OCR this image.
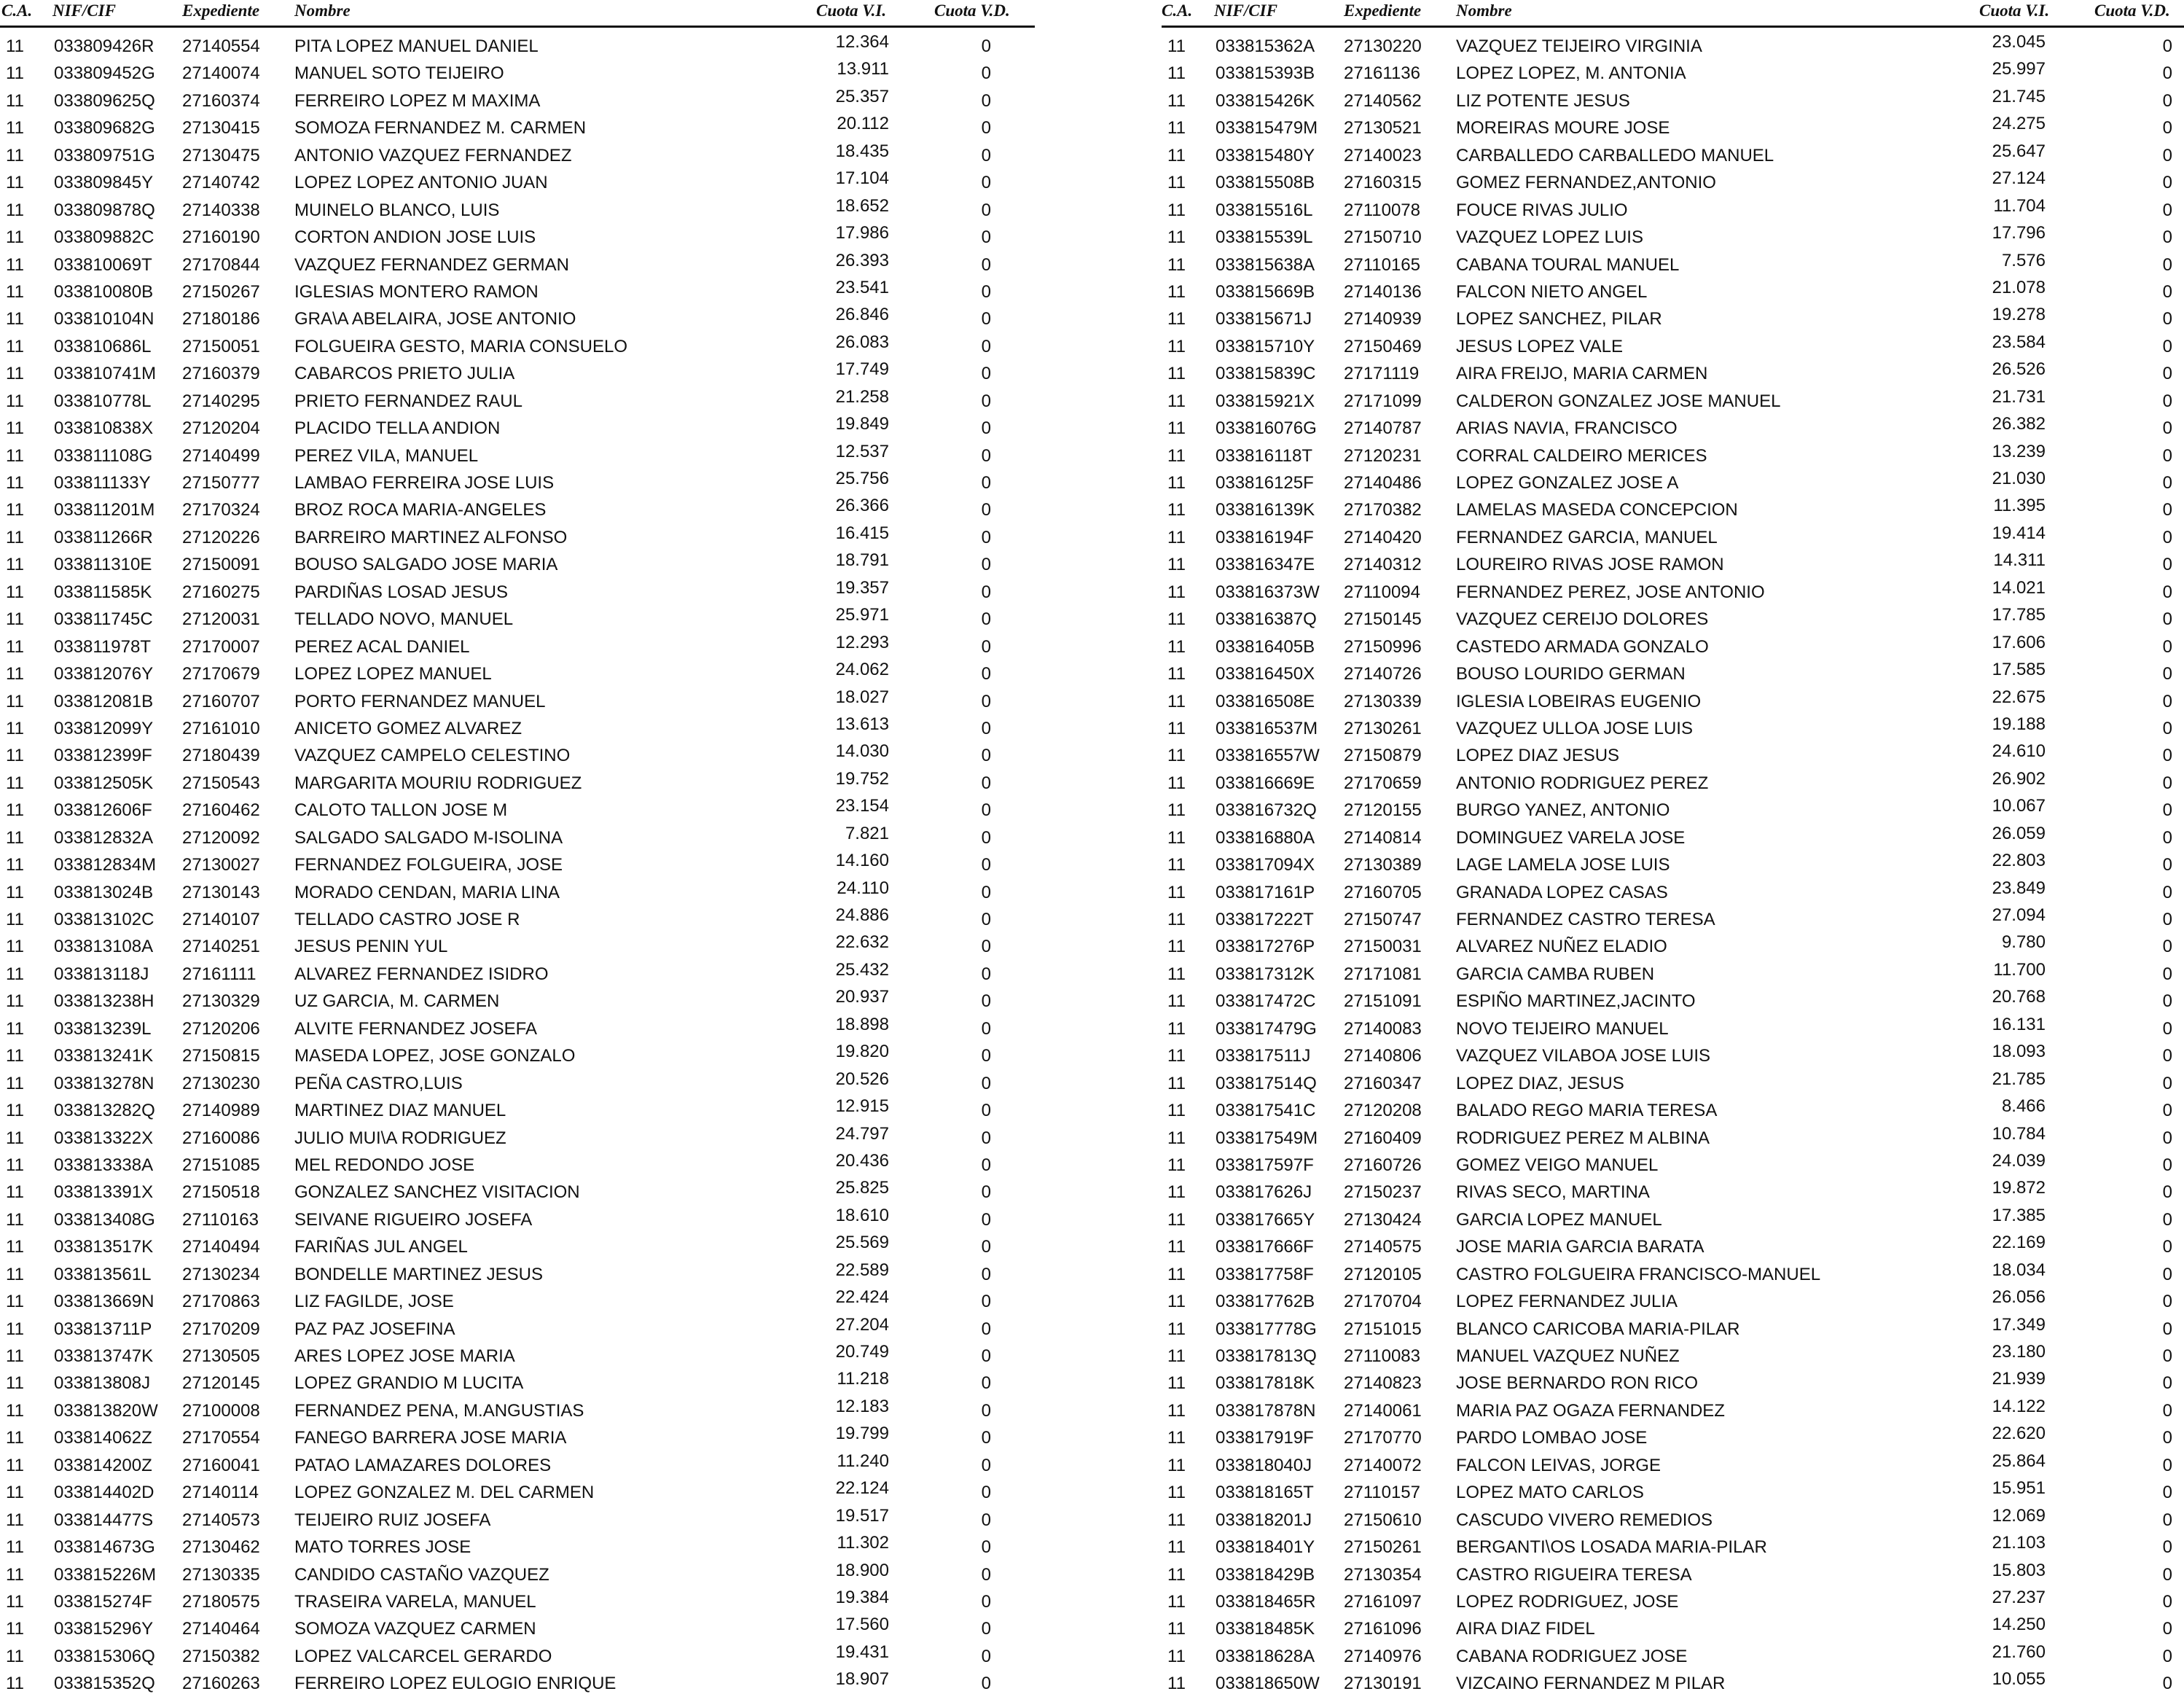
C.A. NIF/CIF	Expediente Nombre	Cuota V.I.	Cuota V.D.
11 033809426R 27140554 PITA LOPEZ MANUEL DANIEL	12.364	0
11 033809452G 27140074 MANUEL SOTO TEIJEIRO	13.911	0
11 033809625Q 27160374 FERREIRO LOPEZ M MAXIMA	25.357	0
11 033809682G 27130415 SOMOZA FERNANDEZ M. CARMEN	20.112	0
11 033809751G 27130475 ANTONIO VAZQUEZ FERNANDEZ	18.435	0
11 033809845Y 27140742 LOPEZ LOPEZ ANTONIO JUAN	17.104	0
11 033809878Q 27140338 MUINELO BLANCO, LUIS	18.652	0
11 033809882C 27160190 CORTON ANDION JOSE LUIS	17.986	0
11 033810069T 27170844 VAZQUEZ FERNANDEZ GERMAN	26.393	0
11 033810080B 27150267 IGLESIAS MONTERO RAMON	23.541	0
11 033810104N 27180186 GRA\A ABELAIRA, JOSE ANTONIO	26.846	0
11 033810686L 27150051 FOLGUEIRA GESTO, MARIA CONSUELO	26.083	0
11 033810741M 27160379 CABARCOS PRIETO JULIA	17.749	0
11 033810778L 27140295 PRIETO FERNANDEZ RAUL	21.258	0
11 033810838X 27120204 PLACIDO TELLA ANDION	19.849	0
11 033811108G 27140499 PEREZ VILA, MANUEL	12.537	0
11 033811133Y 27150777 LAMBAO FERREIRA JOSE LUIS	25.756	0
11 033811201M 27170324 BROZ ROCA MARIA-ANGELES	26.366	0
11 033811266R 27120226 BARREIRO MARTINEZ ALFONSO	16.415	0
11 033811310E 27150091 BOUSO SALGADO JOSE MARIA	18.791	0
11 033811585K 27160275 PARDIÑAS LOSAD JESUS	19.357	0
11 033811745C 27120031 TELLADO NOVO, MANUEL	25.971	0
11 033811978T 27170007 PEREZ ACAL DANIEL	12.293	0
11 033812076Y 27170679 LOPEZ LOPEZ MANUEL	24.062	0
11 033812081B 27160707 PORTO FERNANDEZ MANUEL	18.027	0
11 033812099Y 27161010 ANICETO GOMEZ ALVAREZ	13.613	0
11 033812399F 27180439 VAZQUEZ CAMPELO CELESTINO	14.030	0
11 033812505K 27150543 MARGARITA MOURIU RODRIGUEZ	19.752	0
11 033812606F 27160462 CALOTO TALLON JOSE M	23.154	0
11 033812832A 27120092 SALGADO SALGADO M-ISOLINA	7.821	0
11 033812834M 27130027 FERNANDEZ FOLGUEIRA, JOSE	14.160	0
11 033813024B 27130143 MORADO CENDAN, MARIA LINA	24.110	0
11 033813102C 27140107 TELLADO CASTRO JOSE R	24.886	0
11 033813108A 27140251 JESUS PENIN YUL	22.632	0
11 033813118J 27161111 ALVAREZ FERNANDEZ ISIDRO	25.432	0
11 033813238H 27130329 UZ GARCIA, M. CARMEN	20.937	0
11 033813239L 27120206 ALVITE FERNANDEZ JOSEFA	18.898	0
11 033813241K 27150815 MASEDA LOPEZ, JOSE GONZALO	19.820	0
11 033813278N 27130230 PEÑA CASTRO,LUIS	20.526	0
11 033813282Q 27140989 MARTINEZ DIAZ MANUEL	12.915	0
11 033813322X 27160086 JULIO MUI\A RODRIGUEZ	24.797	0
11 033813338A 27151085 MEL REDONDO JOSE	20.436	0
11 033813391X 27150518 GONZALEZ SANCHEZ VISITACION	25.825	0
11 033813408G 27110163 SEIVANE RIGUEIRO JOSEFA	18.610	0
11 033813517K 27140494 FARIÑAS JUL ANGEL	25.569	0
11 033813561L 27130234 BONDELLE MARTINEZ JESUS	22.589	0
11 033813669N 27170863 LIZ FAGILDE, JOSE	22.424	0
11 033813711P 27170209 PAZ PAZ JOSEFINA	27.204	0
11 033813747K 27130505 ARES LOPEZ JOSE MARIA	20.749	0
11 033813808J 27120145 LOPEZ GRANDIO M LUCITA	11.218	0
11 033813820W 27100008 FERNANDEZ PENA, M.ANGUSTIAS	12.183	0
11 033814062Z 27170554 FANEGO BARRERA JOSE MARIA	19.799	0
11 033814200Z 27160041 PATAO LAMAZARES DOLORES	11.240	0
11 033814402D 27140114 LOPEZ GONZALEZ M. DEL CARMEN	22.124	0
11 033814477S 27140573 TEIJEIRO RUIZ JOSEFA	19.517	0
11 033814673G 27130462 MATO TORRES JOSE	11.302	0
11 033815226M 27130335 CANDIDO CASTAÑO VAZQUEZ	18.900	0
11 033815274F 27180575 TRASEIRA VARELA, MANUEL	19.384	0
11 033815296Y 27140464 SOMOZA VAZQUEZ CARMEN	17.560	0
11 033815306Q 27150382 LOPEZ VALCARCEL GERARDO	19.431	0
11 033815352Q 27160263 FERREIRO LOPEZ EULOGIO ENRIQUE	18.907	0
C.A. NIF/CIF	Expediente Nombre	Cuota V.I.	Cuota V.D.
11 033815362A 27130220 VAZQUEZ TEIJEIRO VIRGINIA	23.045	0
11 033815393B 27161136 LOPEZ LOPEZ, M. ANTONIA	25.997	0
11 033815426K 27140562 LIZ POTENTE JESUS	21.745	0
11 033815479M 27130521 MOREIRAS MOURE JOSE	24.275	0
11 033815480Y 27140023 CARBALLEDO CARBALLEDO MANUEL	25.647	0
11 033815508B 27160315 GOMEZ FERNANDEZ,ANTONIO	27.124	0
11 033815516L 27110078 FOUCE RIVAS JULIO	11.704	0
11 033815539L 27150710 VAZQUEZ LOPEZ LUIS	17.796	0
11 033815638A 27110165 CABANA TOURAL MANUEL	7.576	0
11 033815669B 27140136 FALCON NIETO ANGEL	21.078	0
11 033815671J 27140939 LOPEZ SANCHEZ, PILAR	19.278	0
11 033815710Y 27150469 JESUS LOPEZ VALE	23.584	0
11 033815839C 27171119 AIRA FREIJO, MARIA CARMEN	26.526	0
11 033815921X 27171099 CALDERON GONZALEZ JOSE MANUEL	21.731	0
11 033816076G 27140787 ARIAS NAVIA, FRANCISCO	26.382	0
11 033816118T 27120231 CORRAL CALDEIRO MERICES	13.239	0
11 033816125F 27140486 LOPEZ GONZALEZ JOSE A	21.030	0
11 033816139K 27170382 LAMELAS MASEDA CONCEPCION	11.395	0
11 033816194F 27140420 FERNANDEZ GARCIA, MANUEL	19.414	0
11 033816347E 27140312 LOUREIRO RIVAS JOSE RAMON	14.311	0
11 033816373W 27110094 FERNANDEZ PEREZ, JOSE ANTONIO	14.021	0
11 033816387Q 27150145 VAZQUEZ CEREIJO DOLORES	17.785	0
11 033816405B 27150996 CASTEDO ARMADA GONZALO	17.606	0
11 033816450X 27140726 BOUSO LOURIDO GERMAN	17.585	0
11 033816508E 27130339 IGLESIA LOBEIRAS EUGENIO	22.675	0
11 033816537M 27130261 VAZQUEZ ULLOA JOSE LUIS	19.188	0
11 033816557W 27150879 LOPEZ DIAZ JESUS	24.610	0
11 033816669E 27170659 ANTONIO RODRIGUEZ PEREZ	26.902	0
11 033816732Q 27120155 BURGO YANEZ, ANTONIO	10.067	0
11 033816880A 27140814 DOMINGUEZ VARELA JOSE	26.059	0
11 033817094X 27130389 LAGE LAMELA JOSE LUIS	22.803	0
11 033817161P 27160705 GRANADA LOPEZ CASAS	23.849	0
11 033817222T 27150747 FERNANDEZ CASTRO TERESA	27.094	0
11 033817276P 27150031 ALVAREZ NUÑEZ ELADIO	9.780	0
11 033817312K 27171081 GARCIA CAMBA RUBEN	11.700	0
11 033817472C 27151091 ESPIÑO MARTINEZ,JACINTO	20.768	0
11 033817479G 27140083 NOVO TEIJEIRO MANUEL	16.131	0
11 033817511J 27140806 VAZQUEZ VILABOA JOSE LUIS	18.093	0
11 033817514Q 27160347 LOPEZ DIAZ, JESUS	21.785	0
11 033817541C 27120208 BALADO REGO MARIA TERESA	8.466	0
11 033817549M 27160409 RODRIGUEZ PEREZ M ALBINA	10.784	0
11 033817597F 27160726 GOMEZ VEIGO MANUEL	24.039	0
11 033817626J 27150237 RIVAS SECO, MARTINA	19.872	0
11 033817665Y 27130424 GARCIA LOPEZ MANUEL	17.385	0
11 033817666F 27140575 JOSE MARIA GARCIA BARATA	22.169	0
11 033817758F 27120105 CASTRO FOLGUEIRA FRANCISCO-MANUEL	18.034	0
11 033817762B 27170704 LOPEZ FERNANDEZ JULIA	26.056	0
11 033817778G 27151015 BLANCO CARICOBA MARIA-PILAR	17.349	0
11 033817813Q 27110083 MANUEL VAZQUEZ NUÑEZ	23.180	0
11 033817818K 27140823 JOSE BERNARDO RON RICO	21.939	0
11 033817878N 27140061 MARIA PAZ OGAZA FERNANDEZ	14.122	0
11 033817919F 27170770 PARDO LOMBAO JOSE	22.620	0
11 033818040J 27140072 FALCON LEIVAS, JORGE	25.864	0
11 033818165T 27110157 LOPEZ MATO CARLOS	15.951	0
11 033818201J 27150610 CASCUDO VIVERO REMEDIOS	12.069	0
11 033818401Y 27150261 BERGANTI\OS LOSADA MARIA-PILAR	21.103	0
11 033818429B 27130354 CASTRO RIGUEIRA TERESA	15.803	0
11 033818465R 27161097 LOPEZ RODRIGUEZ, JOSE	27.237	0
11 033818485K 27161096 AIRA DIAZ FIDEL	14.250	0
11 033818628A 27140976 CABANA RODRIGUEZ JOSE	21.760	0
11 033818650W 27130191 VIZCAINO FERNANDEZ M PILAR	10.055	0
